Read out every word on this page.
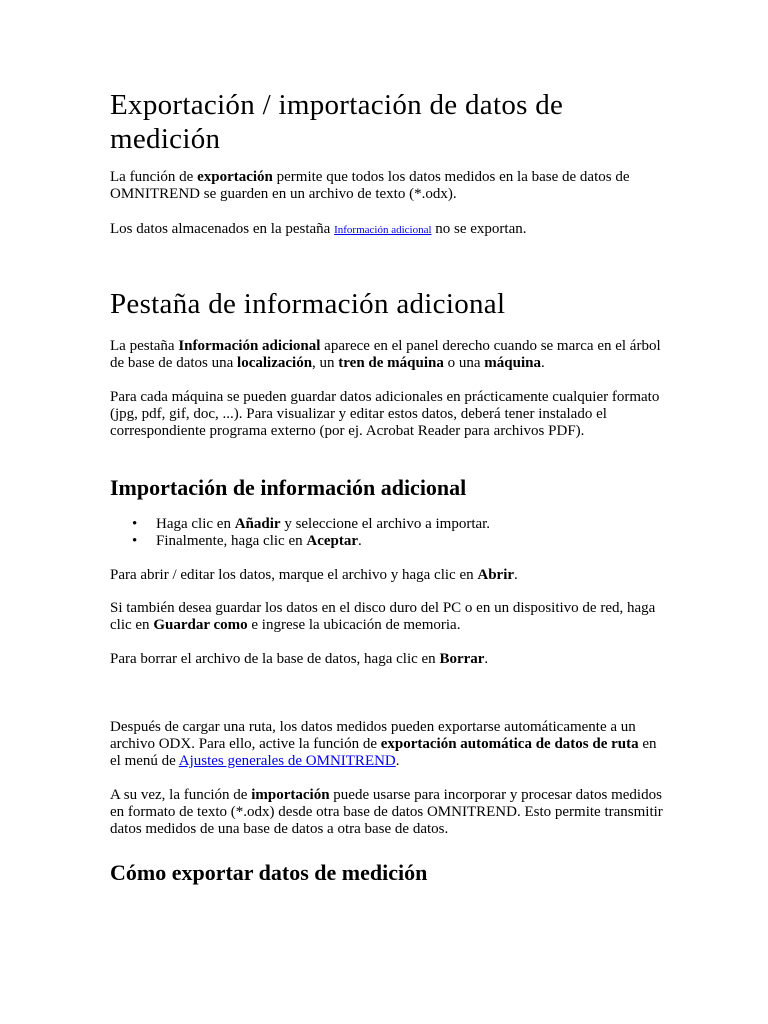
Exportación / importación de datos de medición

La función de exportación permite que todos los datos medidos en la base de datos de OMNITREND se guarden en un archivo de texto (*.odx).

Los datos almacenados en la pestaña Información adicional no se exportan.

Pestaña de información adicional

La pestaña Información adicional aparece en el panel derecho cuando se marca en el árbol de base de datos una localización, un tren de máquina o una máquina.

Para cada máquina se pueden guardar datos adicionales en prácticamente cualquier formato (jpg, pdf, gif, doc, ...). Para visualizar y editar estos datos, deberá tener instalado el correspondiente programa externo (por ej. Acrobat Reader para archivos PDF).

Importación de información adicional
• Haga clic en Añadir y seleccione el archivo a importar.
• Finalmente, haga clic en Aceptar.

Para abrir / editar los datos, marque el archivo y haga clic en Abrir.

Si también desea guardar los datos en el disco duro del PC o en un dispositivo de red, haga clic en Guardar como e ingrese la ubicación de memoria.

Para borrar el archivo de la base de datos, haga clic en Borrar.

Después de cargar una ruta, los datos medidos pueden exportarse automáticamente a un archivo ODX. Para ello, active la función de exportación automática de datos de ruta en el menú de Ajustes generales de OMNITREND.

A su vez, la función de importación puede usarse para incorporar y procesar datos medidos en formato de texto (*.odx) desde otra base de datos OMNITREND. Esto permite transmitir datos medidos de una base de datos a otra base de datos.

Cómo exportar datos de medición
